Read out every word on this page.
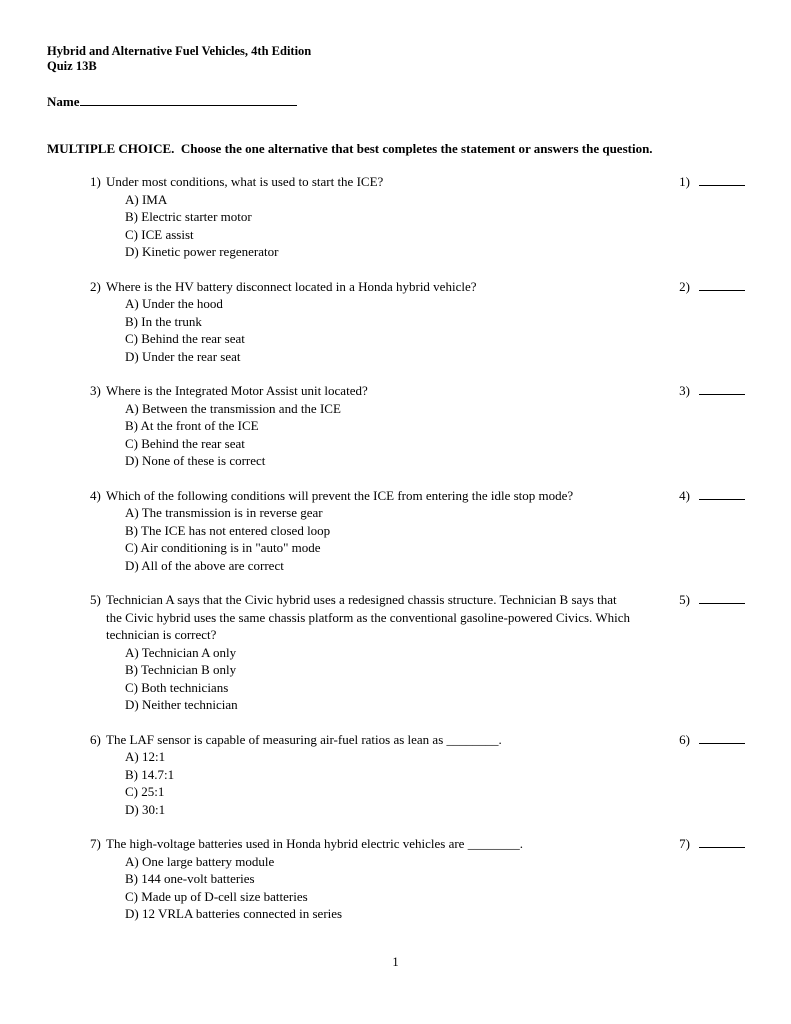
Hybrid and Alternative Fuel Vehicles, 4th Edition
Quiz 13B
Name
MULTIPLE CHOICE.  Choose the one alternative that best completes the statement or answers the question.
1) Under most conditions, what is used to start the ICE?	1)
A) IMA
B) Electric starter motor
C) ICE assist
D) Kinetic power regenerator
2) Where is the HV battery disconnect located in a Honda hybrid vehicle?	2)
A) Under the hood
B) In the trunk
C) Behind the rear seat
D) Under the rear seat
3) Where is the Integrated Motor Assist unit located?	3)
A) Between the transmission and the ICE
B) At the front of the ICE
C) Behind the rear seat
D) None of these is correct
4) Which of the following conditions will prevent the ICE from entering the idle stop mode?	4)
A) The transmission is in reverse gear
B) The ICE has not entered closed loop
C) Air conditioning is in "auto" mode
D) All of the above are correct
5) Technician A says that the Civic hybrid uses a redesigned chassis structure. Technician B says that the Civic hybrid uses the same chassis platform as the conventional gasoline-powered Civics. Which technician is correct?
5)
A) Technician A only
B) Technician B only
C) Both technicians
D) Neither technician
6) The LAF sensor is capable of measuring air-fuel ratios as lean as ________.	6)
A) 12:1
B) 14.7:1
C) 25:1
D) 30:1
7) The high-voltage batteries used in Honda hybrid electric vehicles are ________.	7)
A) One large battery module
B) 144 one-volt batteries
C) Made up of D-cell size batteries
D) 12 VRLA batteries connected in series
1
